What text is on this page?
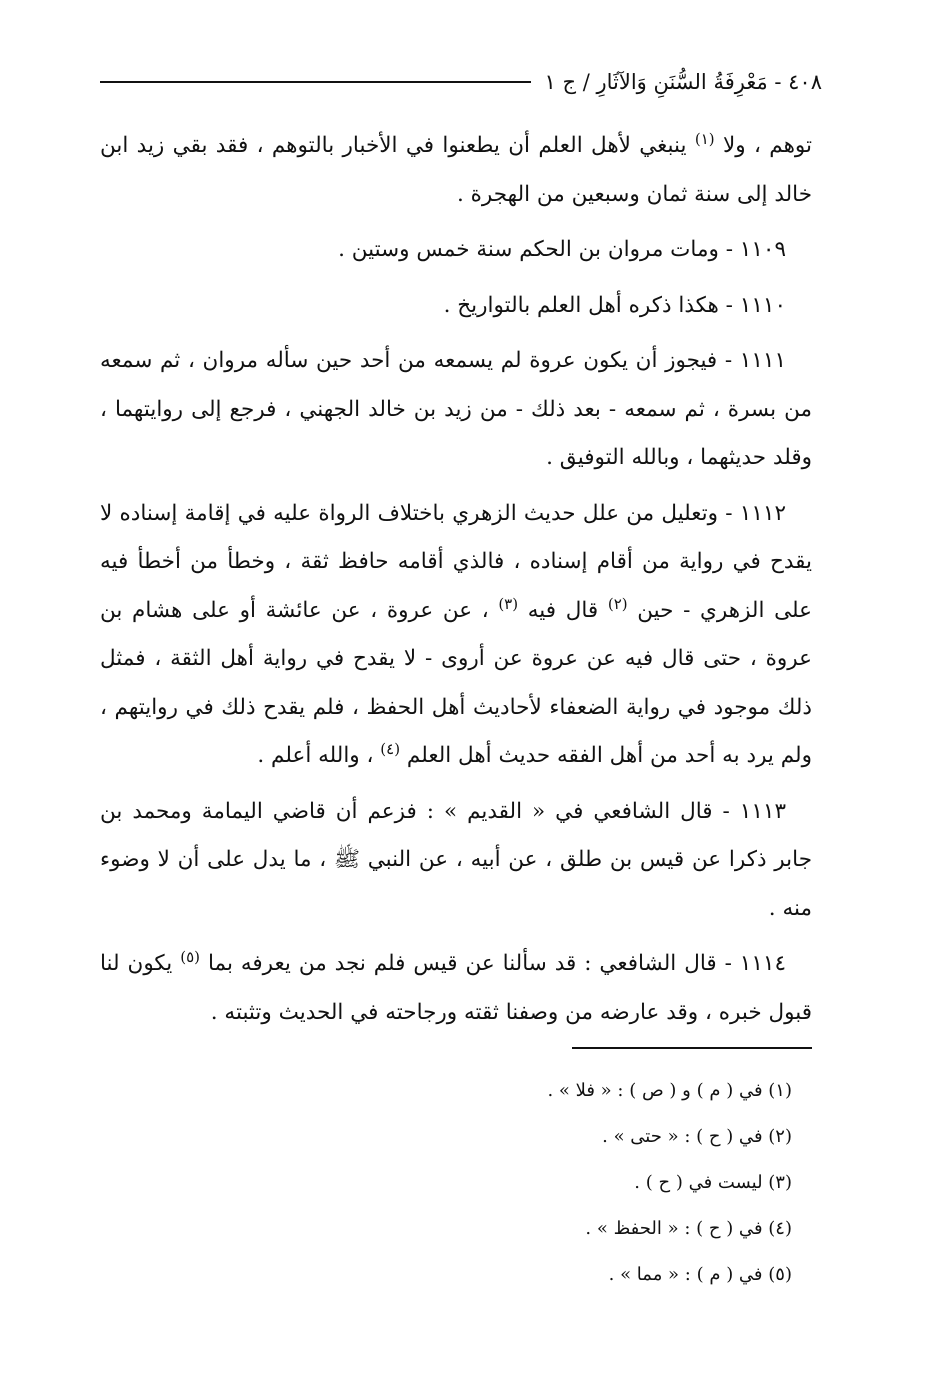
٤٠٨ - مَعْرِفَةُ السُّنَنِ وَالآثَارِ / ج ١

توهم ، ولا $^{(١)}$ ينبغي لأهل العلم أن يطعنوا في الأخبار بالتوهم ، فقد بقي زيد ابن خالد إلى سنة ثمان وسبعين من الهجرة .

١١٠٩ - ومات مروان بن الحكم سنة خمس وستين .

١١١٠ - هكذا ذكره أهل العلم بالتواريخ .

١١١١ - فيجوز أن يكون عروة لم يسمعه من أحد حين سأله مروان ، ثم سمعه من بسرة ، ثم سمعه - بعد ذلك - من زيد بن خالد الجهني ، فرجع إلى روايتهما ، وقلد حديثهما ، وبالله التوفيق .

١١١٢ - وتعليل من علل حديث الزهري باختلاف الرواة عليه في إقامة إسناده لا يقدح في رواية من أقام إسناده ، فالذي أقامه حافظ ثقة ، وخطأ من أخطأ فيه على الزهري - حين $^{(٢)}$ قال فيه $^{(٣)}$ ، عن عروة ، عن عائشة أو على هشام بن عروة ، حتى قال فيه عن عروة عن أروى - لا يقدح في رواية أهل الثقة ، فمثل ذلك موجود في رواية الضعفاء لأحاديث أهل الحفظ ، فلم يقدح ذلك في روايتهم ، ولم يرد به أحد من أهل الفقه حديث أهل العلم $^{(٤)}$ ، والله أعلم .

١١١٣ - قال الشافعي في « القديم » : فزعم أن قاضي اليمامة ومحمد بن جابر ذكرا عن قيس بن طلق ، عن أبيه ، عن النبي ﷺ ، ما يدل على أن لا وضوء منه .

١١١٤ - قال الشافعي : قد سألنا عن قيس فلم نجد من يعرفه بما $^{(٥)}$ يكون لنا قبول خبره ، وقد عارضه من وصفنا ثقته ورجاحته في الحديث وتثبته .

(١) في ( م ) و ( ص ) : « فلا » .
(٢) في ( ح ) : « حتى » .
(٣) ليست في ( ح ) .
(٤) في ( ح ) : « الحفظ » .
(٥) في ( م ) : « مما » .
